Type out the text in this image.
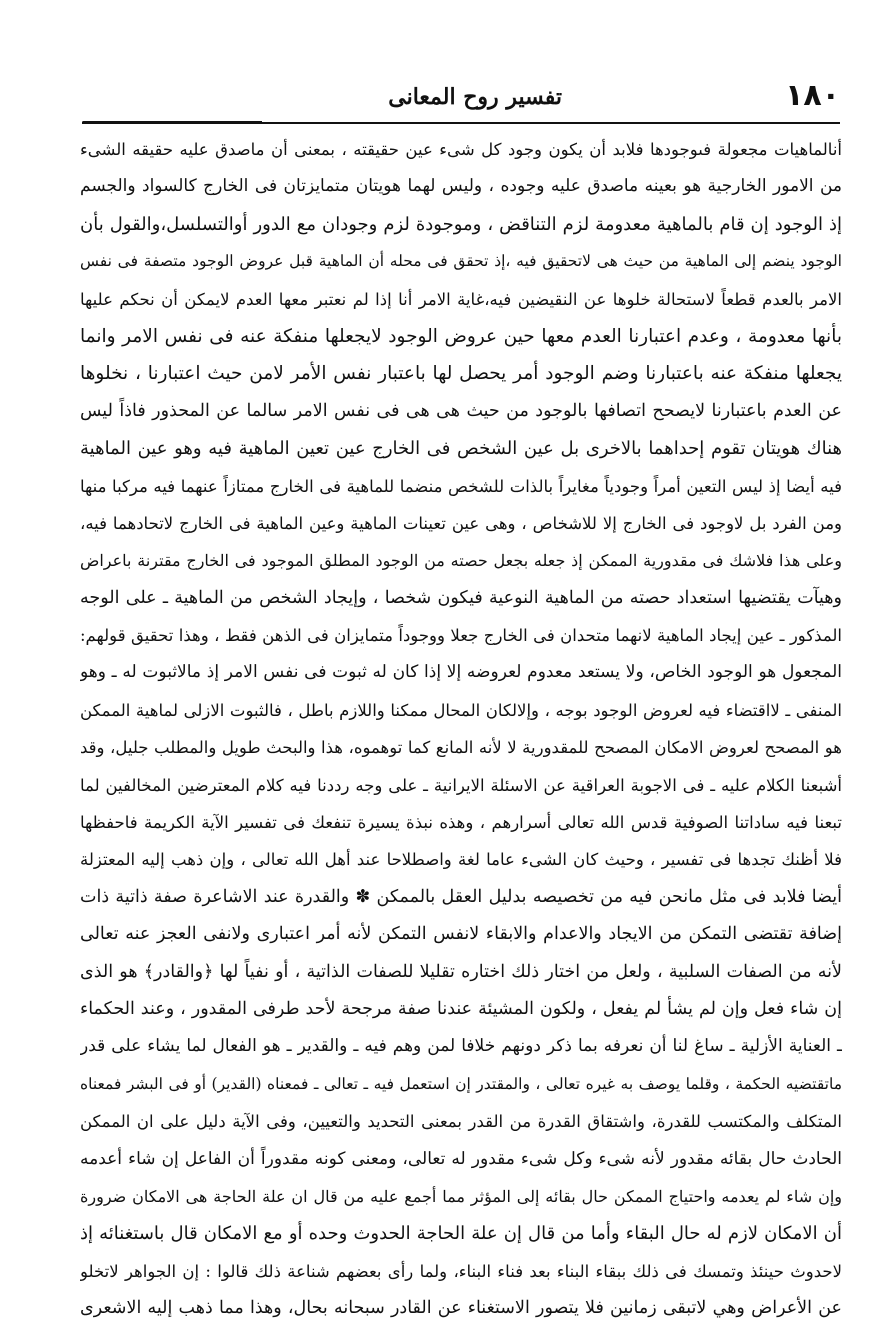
١٨٠
تفسير روح المعانى
أنالماهيات مجعولة فىوجودها فلابد أن يكون وجود كل شىء عين حقيقته ، بمعنى أن ماصدق عليه حقيقه الشىء
من الامور الخارجية هو بعينه ماصدق عليه وجوده ، وليس لهما هويتان متمايزتان فى الخارج كالسواد والجسم
إذ الوجود إن قام بالماهية معدومة لزم التناقض ، وموجودة لزم وجودان مع الدور أوالتسلسل،والقول بأن
الوجود ينضم إلى الماهية من حيث هى لاتحقيق فيه ،إذ تحقق فى محله أن الماهية قبل عروض الوجود متصفة فى نفس
الامر بالعدم قطعاً لاستحالة خلوها عن النقيضين فيه،غاية الامر أنا إذا لم نعتبر معها العدم لايمكن أن نحكم عليها
بأنها معدومة ، وعدم اعتبارنا العدم معها حين عروض الوجود لايجعلها منفكة عنه فى نفس الامر وانما
يجعلها منفكة عنه باعتبارنا وضم الوجود أمر يحصل لها باعتبار نفس الأمر لامن حيث اعتبارنا ، نخلوها
عن العدم باعتبارنا لايصحح اتصافها بالوجود من حيث هى هى فى نفس الامر سالما عن المحذور فاذاً ليس
هناك هويتان تقوم إحداهما بالاخرى بل عين الشخص فى الخارج عين تعين الماهية فيه وهو عين الماهية
فيه أيضا إذ ليس التعين أمراً وجودياً مغايراً بالذات للشخص منضما للماهية فى الخارج ممتازاً عنهما فيه مركبا منها
ومن الفرد بل لاوجود فى الخارج إلا للاشخاص ، وهى عين تعينات الماهية وعين الماهية فى الخارج لاتحادهما فيه،
وعلى هذا فلاشك فى مقدورية الممكن إذ جعله بجعل حصته من الوجود المطلق الموجود فى الخارج مقترنة باعراض
وهيآت يقتضيها استعداد حصته من الماهية النوعية فيكون شخصا ، وإيجاد الشخص من الماهية ـ على الوجه
المذكور ـ عين إيجاد الماهية لانهما متحدان فى الخارج جعلا ووجوداً متمايزان فى الذهن فقط ، وهذا تحقيق قولهم:
المجعول هو الوجود الخاص، ولا يستعد معدوم لعروضه إلا إذا كان له ثبوت فى نفس الامر إذ مالاثبوت له ـ وهو
المنفى ـ لااقتضاء فيه لعروض الوجود بوجه ، وإلالكان المحال ممكنا واللازم باطل ، فالثبوت الازلى لماهية الممكن
هو المصحح لعروض الامكان المصحح للمقدورية لا لأنه المانع كما توهموه، هذا والبحث طويل والمطلب جليل، وقد
أشبعنا الكلام عليه ـ فى الاجوبة العراقية عن الاسئلة الايرانية ـ على وجه رددنا فيه كلام المعترضين المخالفين لما
تبعنا فيه ساداتنا الصوفية قدس الله تعالى أسرارهم ، وهذه نبذة يسيرة تنفعك فى تفسير الآية الكريمة فاحفظها
فلا أظنك تجدها فى تفسير ، وحيث كان الشىء عاما لغة واصطلاحا عند أهل الله تعالى ، وإن ذهب إليه المعتزلة
أيضا فلابد فى مثل مانحن فيه من تخصيصه بدليل العقل بالممكن ✽ والقدرة عند الاشاعرة صفة ذاتية ذات
إضافة تقتضى التمكن من الايجاد والاعدام والابقاء لانفس التمكن لأنه أمر اعتبارى ولانفى العجز عنه تعالى
لأنه من الصفات السلبية ، ولعل من اختار ذلك اختاره تقليلا للصفات الذاتية ، أو نفياً لها ﴿والقادر﴾ هو الذى
إن شاء فعل وإن لم يشأ لم يفعل ، ولكون المشيئة عندنا صفة مرجحة لأحد طرفى المقدور ، وعند الحكماء
ـ العناية الأزلية ـ ساغ لنا أن نعرفه بما ذكر دونهم خلافا لمن وهم فيه ـ والقدير ـ هو الفعال لما يشاء على قدر
ماتقتضيه الحكمة ، وقلما يوصف به غيره تعالى ، والمقتدر إن استعمل فيه ـ تعالى ـ فمعناه (القدير) أو فى البشر فمعناه
المتكلف والمكتسب للقدرة، واشتقاق القدرة من القدر بمعنى التحديد والتعيين، وفى الآية دليل على ان الممكن
الحادث حال بقائه مقدور لأنه شىء وكل شىء مقدور له تعالى، ومعنى كونه مقدوراً أن الفاعل إن شاء أعدمه
وإن شاء لم يعدمه واحتياج الممكن حال بقائه إلى المؤثر مما أجمع عليه من قال ان علة الحاجة هى الامكان ضرورة
أن الامكان لازم له حال البقاء وأما من قال إن علة الحاجة الحدوث وحده أو مع الامكان قال باستغنائه إذ
لاحدوث حينئذ وتمسك فى ذلك ببقاء البناء بعد فناء البناء، ولما رأى بعضهم شناعة ذلك قالوا : إن الجواهر لاتخلو
عن الأعراض وهي لاتبقى زمانين فلا يتصور الاستغناء عن القادر سبحانه بحال، وهذا مما ذهب إليه الاشعرى
